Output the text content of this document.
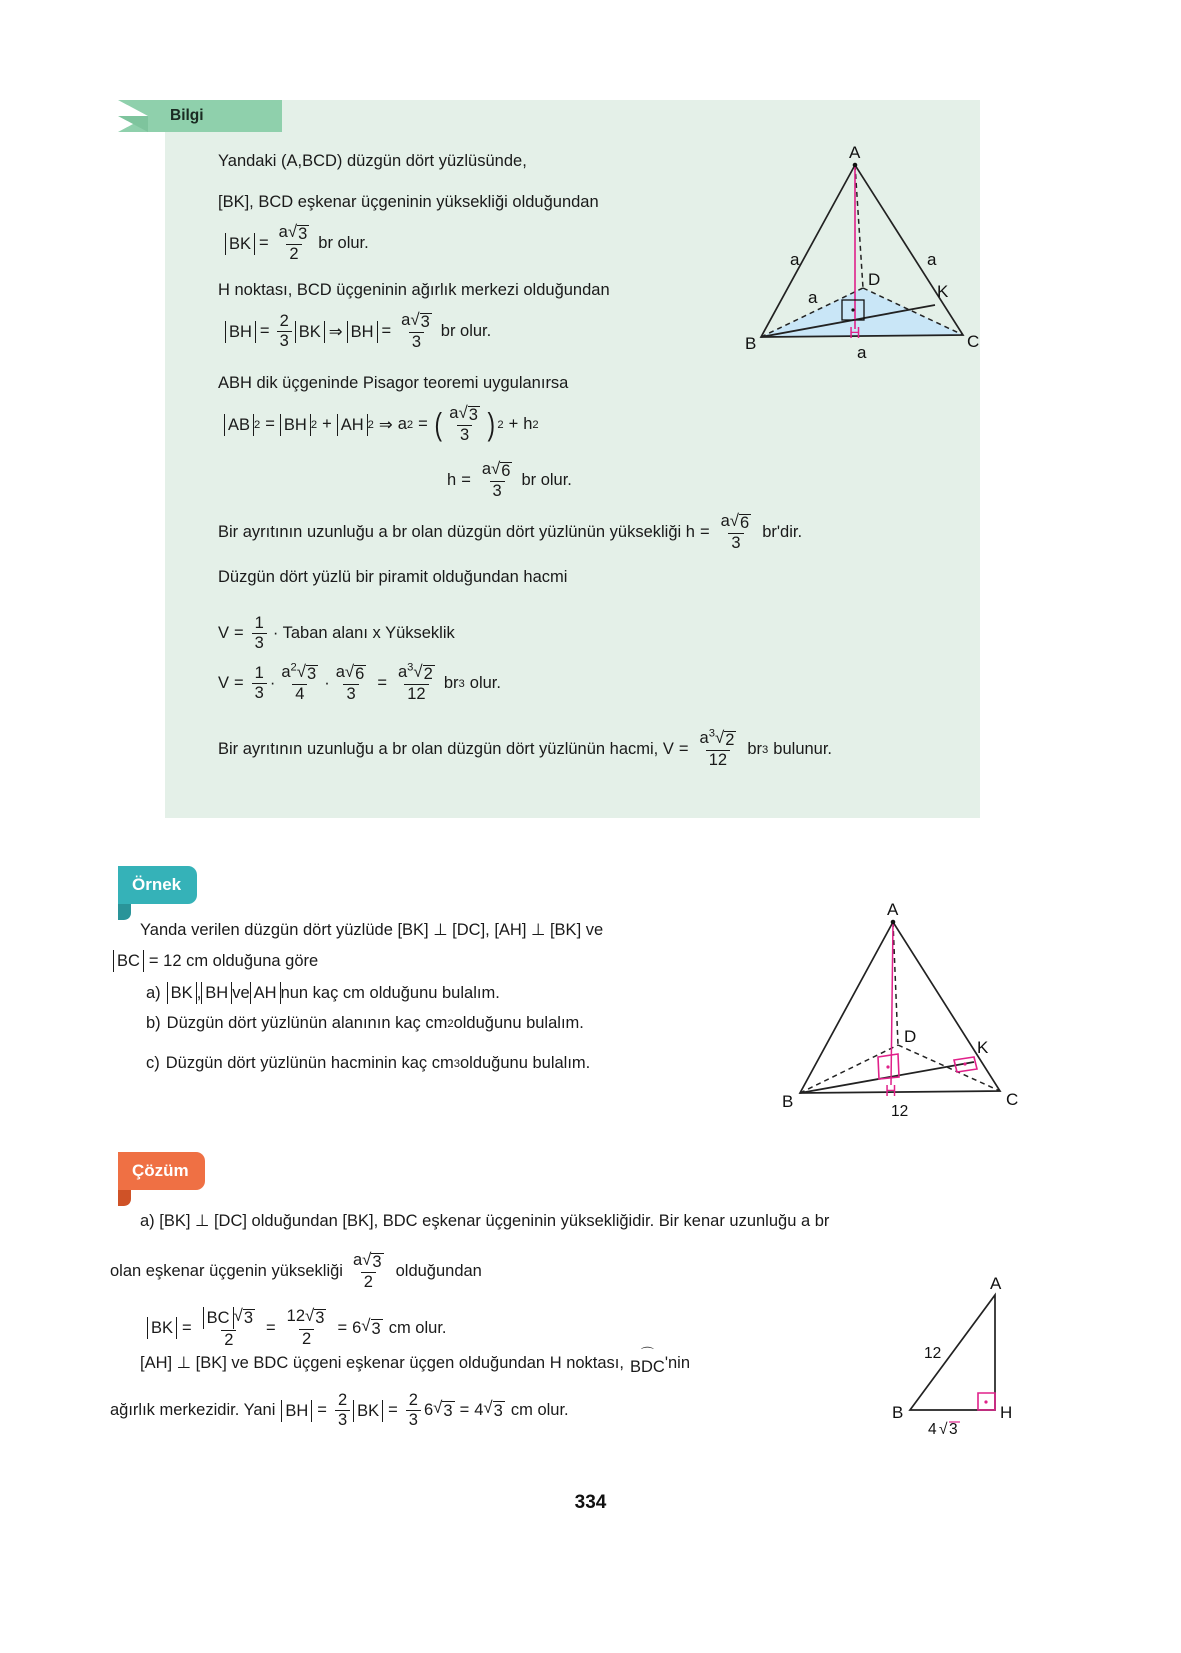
Bilgi
Yandaki (A,BCD) düzgün dört yüzlüsünde,
[BK], BCD eşkenar üçgeninin yüksekliği olduğundan
BK = $\frac{a √ 3}{2}$ br olur.
H noktası, BCD üçgeninin ağırlık merkezi olduğundan
BH = $\frac{2}{3}$ BK ⇒ BH = $\frac{a √ 3}{3}$ br olur.
ABH dik üçgeninde Pisagor teoremi uygulanırsa
AB 2 = BH 2 + AH 2 ⇒ a 2 = ( $\frac{a √ 3}{3}$ ) 2 + h 2
$h = \frac{a √ 6}{3}$ br olur.
Bir ayrıtının uzunluğu a br olan düzgün dört yüzlünün yüksekliği $h = \frac{a √ 6}{3} br'dir$.
Düzgün dört yüzlü bir piramit olduğundan hacmi
$V = \frac{1}{3}$ · Taban alanı x Yükseklik
$V = \frac{1}{3} \cdot \frac{a^2 √ 3}{4} \cdot \frac{a √ 6}{3} = \frac{a^3 √ 2}{12}$ br 3 olur.
Bir ayrıtının uzunluğu a br olan düzgün dört yüzlünün hacmi, $V = \frac{a^3 √ 2}{12}$ br 3 bulunur.
A
B	C
D
K
H
a	a
a
a
Örnek
Yanda verilen düzgün dört yüzlüde [BK] ⊥ [DC], [AH] ⊥ [BK] ve
BC = 12 cm olduğuna göre
a) BK , BH ve AH nun kaç cm olduğunu bulalım.
b) Düzgün dört yüzlünün alanının kaç cm 2 olduğunu bulalım.
c) Düzgün dört yüzlünün hacminin kaç cm 3 olduğunu bulalım.
A
B	C
D
K
H
12
Çözüm
a) [BK] ⊥ [DC] olduğundan [BK], BDC eşkenar üçgeninin yüksekliğidir. Bir kenar uzunluğu a br
olan eşkenar üçgenin yüksekliği $\frac{a √ 3}{2}$ olduğundan
BK = $\frac{BC √ 3}{2} = \frac{12 √ 3}{2} = 6$ √ 3 cm olur.
[AH] ⊥ [BK] ve BDC üçgeni eşkenar üçgen olduğundan H noktası,
⌒
BDC 'nin
ağırlık merkezidir. Yani BH = $\frac{2}{3}$ BK = $\frac{2}{3} 6$ √ 3 = 4 √ 3 cm olur.
A
B	H
12
4 √ 3
334
